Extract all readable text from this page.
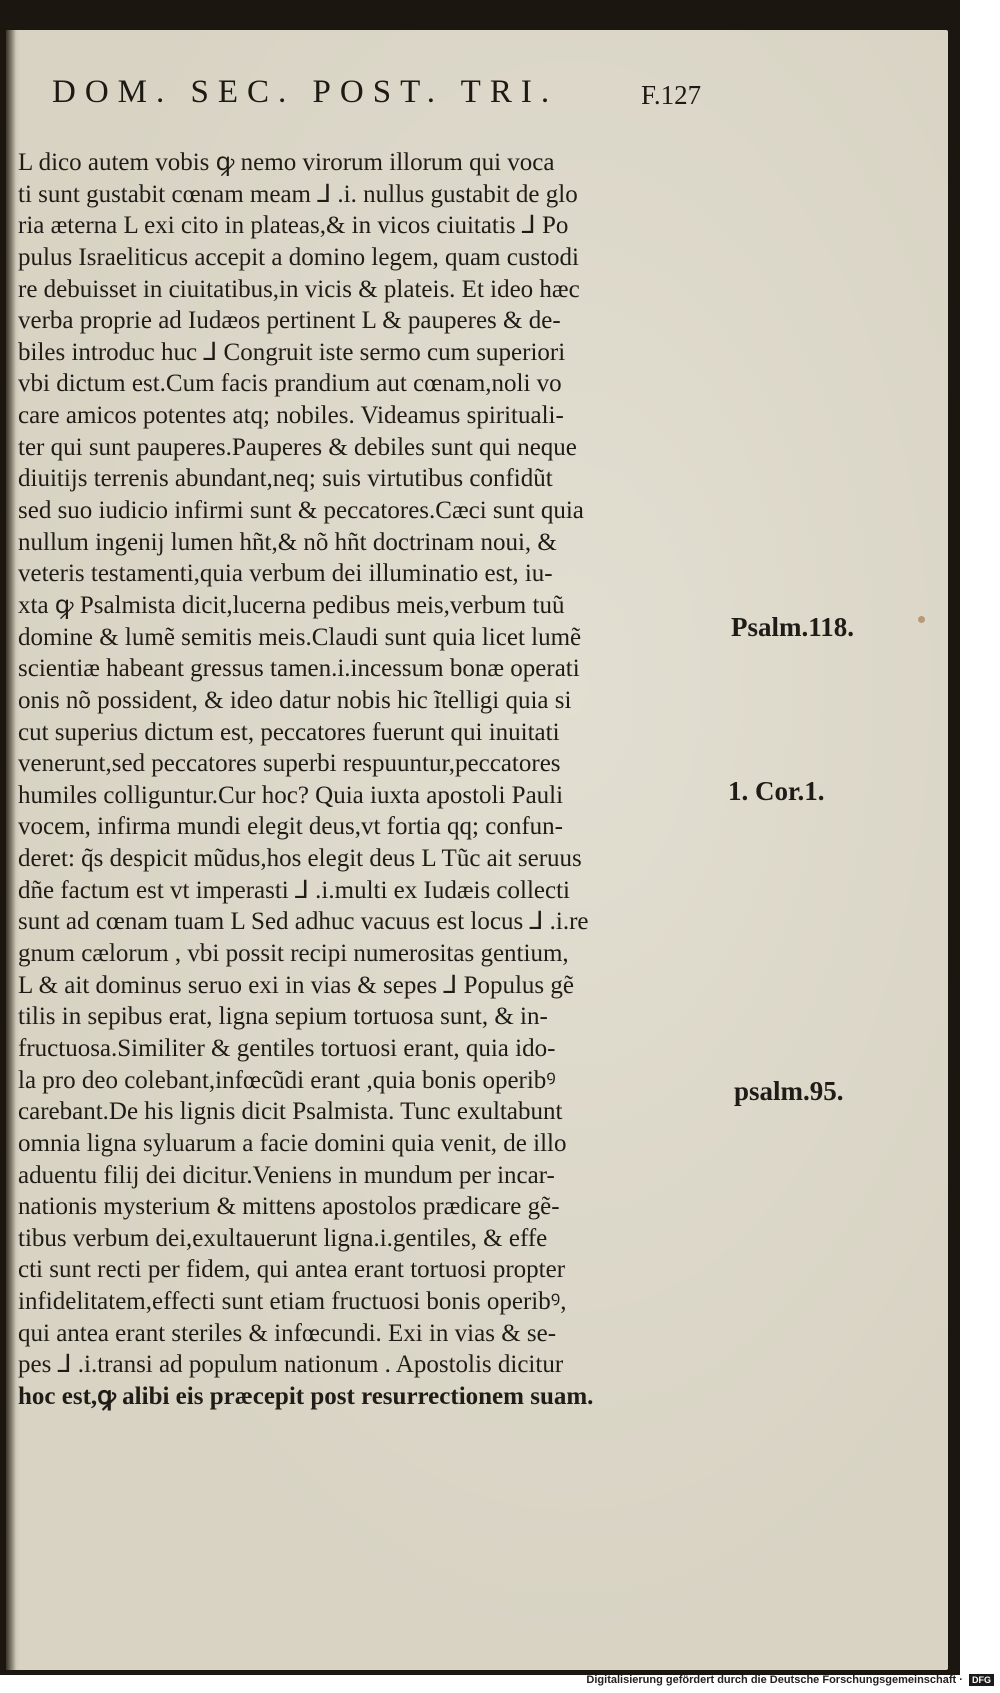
DOM. SEC. POST. TRI.	F.127
L dico autem vobis ꝙ nemo virorum illorum qui voca
ti sunt gustabit cœnam meam ⅃ .i. nullus gustabit de glo
ria æterna L exi cito in plateas,& in vicos ciuitatis ⅃ Po
pulus Israeliticus accepit a domino legem, quam custodi
re debuisset in ciuitatibus,in vicis & plateis. Et ideo hæc
verba proprie ad Iudæos pertinent L & pauperes & de-
biles introduc huc ⅃ Congruit iste sermo cum superiori
vbi dictum est.Cum facis prandium aut cœnam,noli vo
care amicos potentes atq; nobiles. Videamus spirituali-
ter qui sunt pauperes.Pauperes & debiles sunt qui neque
diuitijs terrenis abundant,neq; suis virtutibus confidũt
sed suo iudicio infirmi sunt & peccatores.Cæci sunt quia
nullum ingenij lumen hñt,& nõ hñt doctrinam noui, &
veteris testamenti,quia verbum dei illuminatio est, iu-
xta ꝙ Psalmista dicit,lucerna pedibus meis,verbum tuũ
domine & lumẽ semitis meis.Claudi sunt quia licet lumẽ
scientiæ habeant gressus tamen.i.incessum bonæ operati
onis nõ possident, & ideo datur nobis hic ĩtelligi quia si
cut superius dictum est, peccatores fuerunt qui inuitati
venerunt,sed peccatores superbi respuuntur,peccatores
humiles colliguntur.Cur hoc? Quia iuxta apostoli Pauli
vocem, infirma mundi elegit deus,vt fortia qq; confun-
deret: q̃s despicit mũdus,hos elegit deus L Tũc ait seruus
dñe factum est vt imperasti ⅃ .i.multi ex Iudæis collecti
sunt ad cœnam tuam L Sed adhuc vacuus est locus ⅃ .i.re
gnum cælorum , vbi possit recipi numerositas gentium,
L & ait dominus seruo exi in vias & sepes ⅃ Populus gẽ
tilis in sepibus erat, ligna sepium tortuosa sunt, & in-
fructuosa.Similiter & gentiles tortuosi erant, quia ido-
la pro deo colebant,infœcũdi erant ,quia bonis operibꝰ
carebant.De his lignis dicit Psalmista. Tunc exultabunt
omnia ligna syluarum a facie domini quia venit, de illo
aduentu filij dei dicitur.Veniens in mundum per incar-
nationis mysterium & mittens apostolos prædicare gẽ-
tibus verbum dei,exultauerunt ligna.i.gentiles, & effe
cti sunt recti per fidem, qui antea erant tortuosi propter
infidelitatem,effecti sunt etiam fructuosi bonis operibꝰ,
qui antea erant steriles & infœcundi. Exi in vias & se-
pes ⅃ .i.transi ad populum nationum . Apostolis dicitur
hoc est,ꝙ alibi eis præcepit post resurrectionem suam.
Psalm.118.
1. Cor.1.
psalm.95.
Digitalisierung gefördert durch die Deutsche Forschungsgemeinschaft · DFG
